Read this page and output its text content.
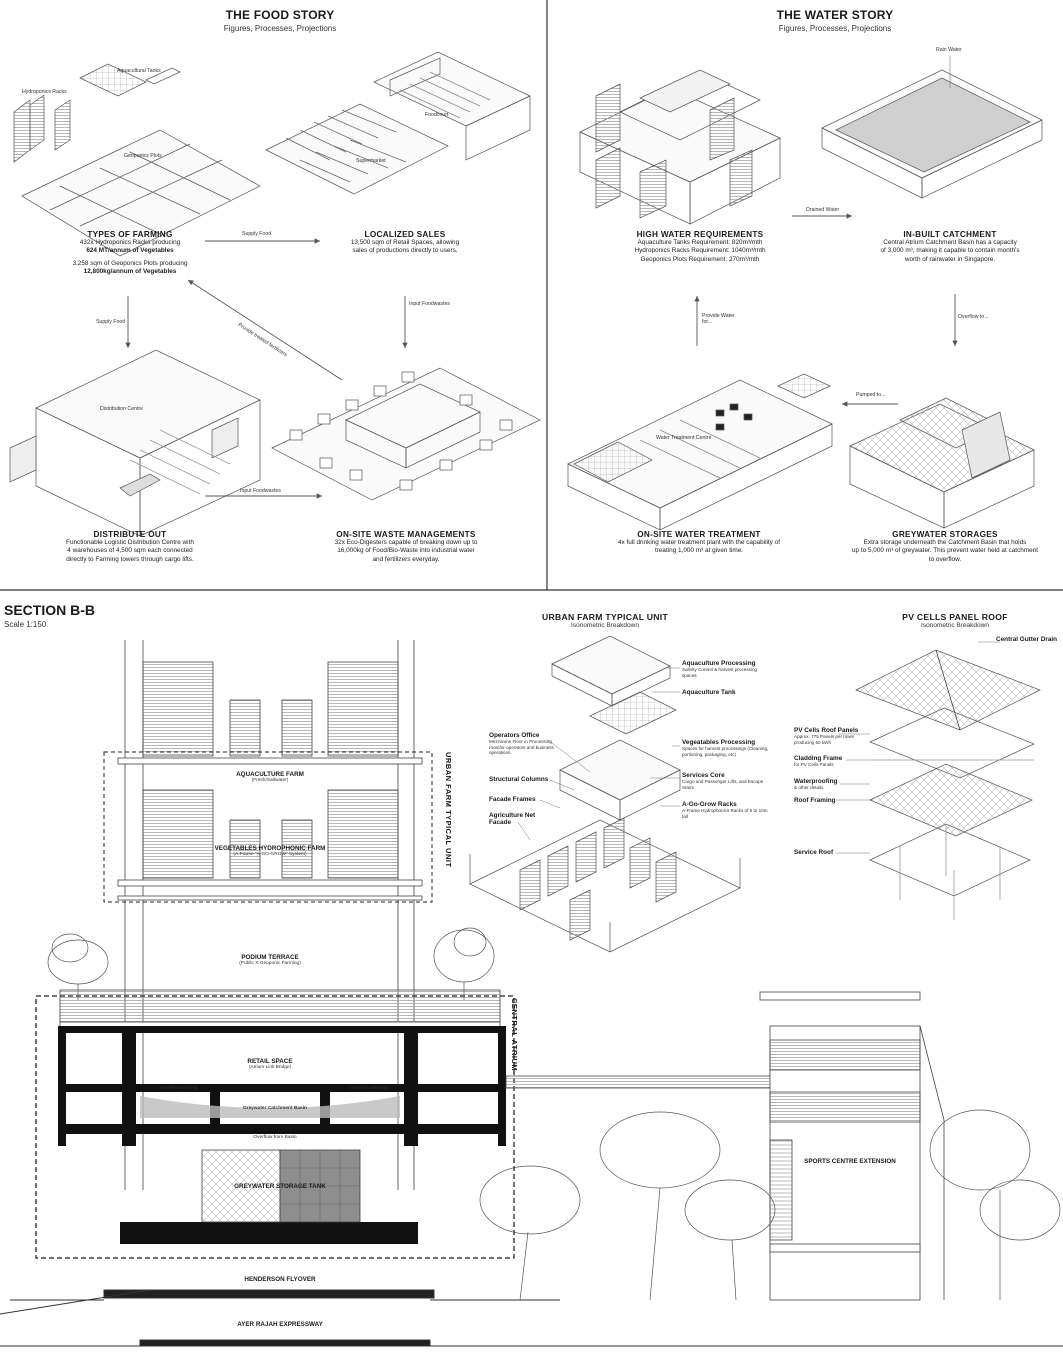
THE FOOD STORY
Figures, Processes, Projections
Aquacultural Tanks
Hydroponics Racks
Geoponics Plots
Foodcourt
Supermarket
Distribution Centre
Supply Food
Input Foodwastes
Provide treated fertilizers
Supply Food
Input Foodwastes
TYPES OF FARMING
432x Hydroponics Racks producing
624 MT/annum of Vegetables
3,258 sqm of Geoponics Plots producing
12,800kg/annum of Vegetables
LOCALIZED SALES
13,500 sqm of Retail Spaces, allowing
sales of productions directly to users.
DISTRIBUTE OUT
Functionable Logistic Distribution Centre with
4 warehouses of 4,500 sqm each connected
directly to Farming towers through cargo lifts.
ON-SITE WASTE MANAGEMENTS
32x Eco-Digesters capable of breaking down up to
16,000kg of Food/Bio-Waste into industrial water
and fertilizers everyday.
THE WATER STORY
Figures, Processes, Projections
Rain Water
Water Treatment Centre
Drained Water
Overflow to...
Pumped to...
Provide Water for...
HIGH WATER REQUIREMENTS
Aquaculture Tanks Requirement: 820m³/mth
Hydroponics Racks Requirement: 1040m³/mth
Geoponics Plots Requirement: 270m³/mth
IN-BUILT CATCHMENT
Central Atrium Catchment Basin has a capacity
of 3,000 m³, making it capable to contain month's
worth of rainwater in Singapore.
ON-SITE WATER TREATMENT
4x full drinking water treatment plant with the capability of
treating 1,000 m³ at given time.
GREYWATER STORAGES
Extra storage underneath the Catchment Basin that holds
up to 5,000 m³ of greywater. This prevent water held at catchment
to overflow.
SECTION B-B
Scale 1:150
URBAN FARM TYPICAL UNIT
CENTRAL ATRIUM
AQUACULTURE FARM
(Fresh/Saltwater)
VEGETABLES HYDROPHONIC FARM
(A-Frame "A-GO-GROW" System)
PODIUM TERRACE
(Public X Geoponic Farming)
RETAIL SPACE
(Atrium Link Bridge)
Overflow Filtering	Overflow Filtering
Greywater Catchment Basin
Overflow from Basin
GREYWATER STORAGE TANK
HENDERSON FLYOVER
AYER RAJAH EXPRESSWAY
SPORTS CENTRE EXTENSION
URBAN FARM TYPICAL UNIT
Isonometric Breakdown
Aquaculture Processing
Salinity Control & harvest processing spaces
Aquaculture Tank
Operators Office
Mezzanine Floor in Processing roomfor operators and business operations.
Vegeatables Processing
Spaces for harvest processings (Cleaning, portioning, packaging, etc)
Structural Columns
Services Core
Cargo and Passenger Lifts, and Escape Stairs
Facade Frames
A-Go-Grow Racks
A-Frame Hydrophonics Racks of 8 to 10m tall
Agriculture Net Facade
PV CELLS PANEL ROOF
Isonometric Breakdown
Central Gutter Drain
PV Cells Roof Panels
Approx. 775 Panels per tower producing 60 kWh
Cladding Frame
for PV Cells Panels
Waterproofing
& other details
Roof Framing
Service Roof
